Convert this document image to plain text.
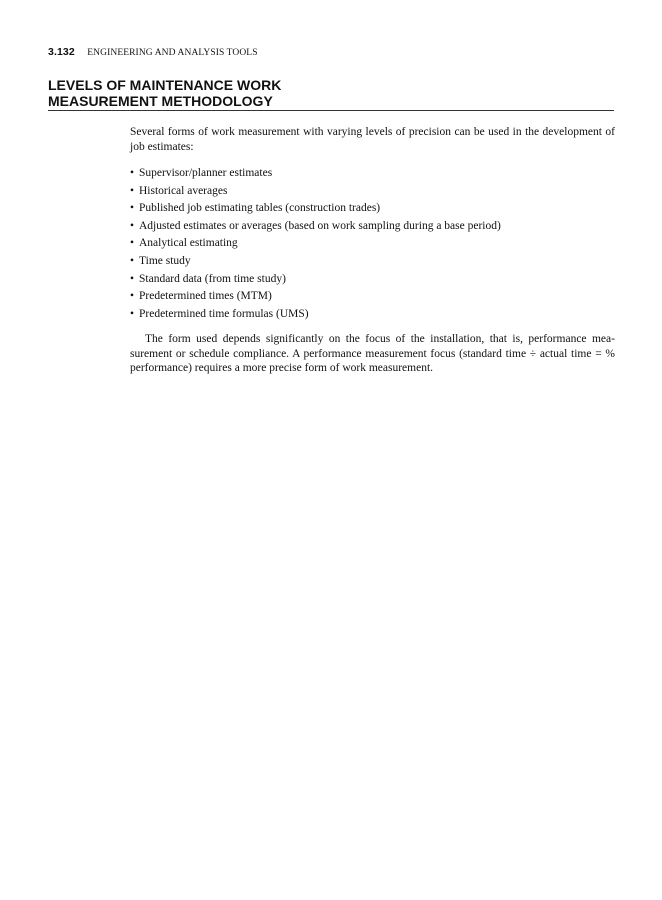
3.132 ENGINEERING AND ANALYSIS TOOLS
LEVELS OF MAINTENANCE WORK
MEASUREMENT METHODOLOGY

Several forms of work measurement with varying levels of precision can be used in the development of job estimates:

• Supervisor/planner estimates
• Historical averages
• Published job estimating tables (construction trades)
• Adjusted estimates or averages (based on work sampling during a base period)
• Analytical estimating
• Time study
• Standard data (from time study)
• Predetermined times (MTM)
• Predetermined time formulas (UMS)

The form used depends significantly on the focus of the installation, that is, performance measurement or schedule compliance. A performance measurement focus (standard time ÷ actual time = % performance) requires a more precise form of work measurement.
